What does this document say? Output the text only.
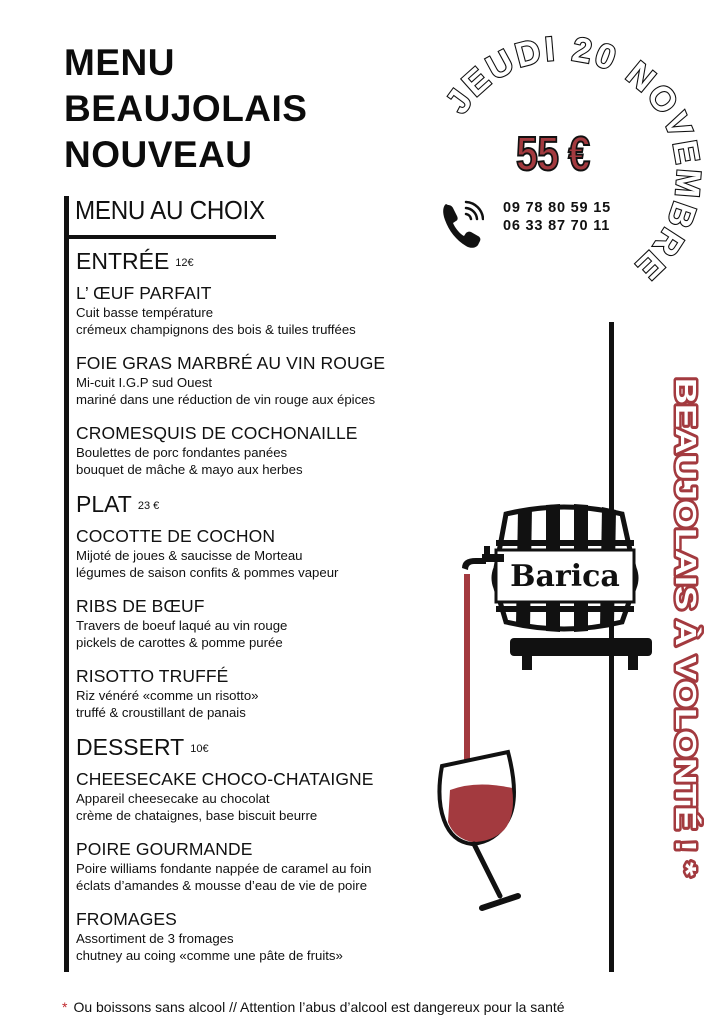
MENU
BEAUJOLAIS
NOUVEAU
MENU AU CHOIX
ENTRÉE 12€
L’ ŒUF PARFAIT
Cuit basse température
crémeux champignons des bois & tuiles truffées
FOIE GRAS MARBRÉ AU VIN ROUGE
Mi-cuit I.G.P sud Ouest
mariné dans une réduction de vin rouge aux épices
CROMESQUIS DE COCHONAILLE
Boulettes de porc fondantes panées
bouquet de mâche & mayo aux herbes
PLAT 23 €
COCOTTE DE COCHON
Mijoté de joues & saucisse de Morteau
légumes de saison confits & pommes vapeur
RIBS DE BŒUF
Travers de boeuf laqué au vin rouge
pickels de carottes & pomme purée
RISOTTO TRUFFÉ
Riz vénéré «comme un risotto»
truffé & croustillant de panais
DESSERT 10€
CHEESECAKE CHOCO-CHATAIGNE
Appareil cheesecake au chocolat
crème de chataignes, base biscuit beurre
POIRE GOURMANDE
Poire williams fondante nappée de caramel au foin
éclats d’amandes & mousse d’eau de vie de poire
FROMAGES
Assortiment de 3 fromages
chutney au coing «comme une pâte de fruits»
JEUDI 20 NOVEMBRE
55 €
09 78 80 59 15
06 33 87 70 11
BEAUJOLAIS À VOLONTÉ ! *
Barica
* Ou boissons sans alcool // Attention l’abus d’alcool est dangereux pour la santé
